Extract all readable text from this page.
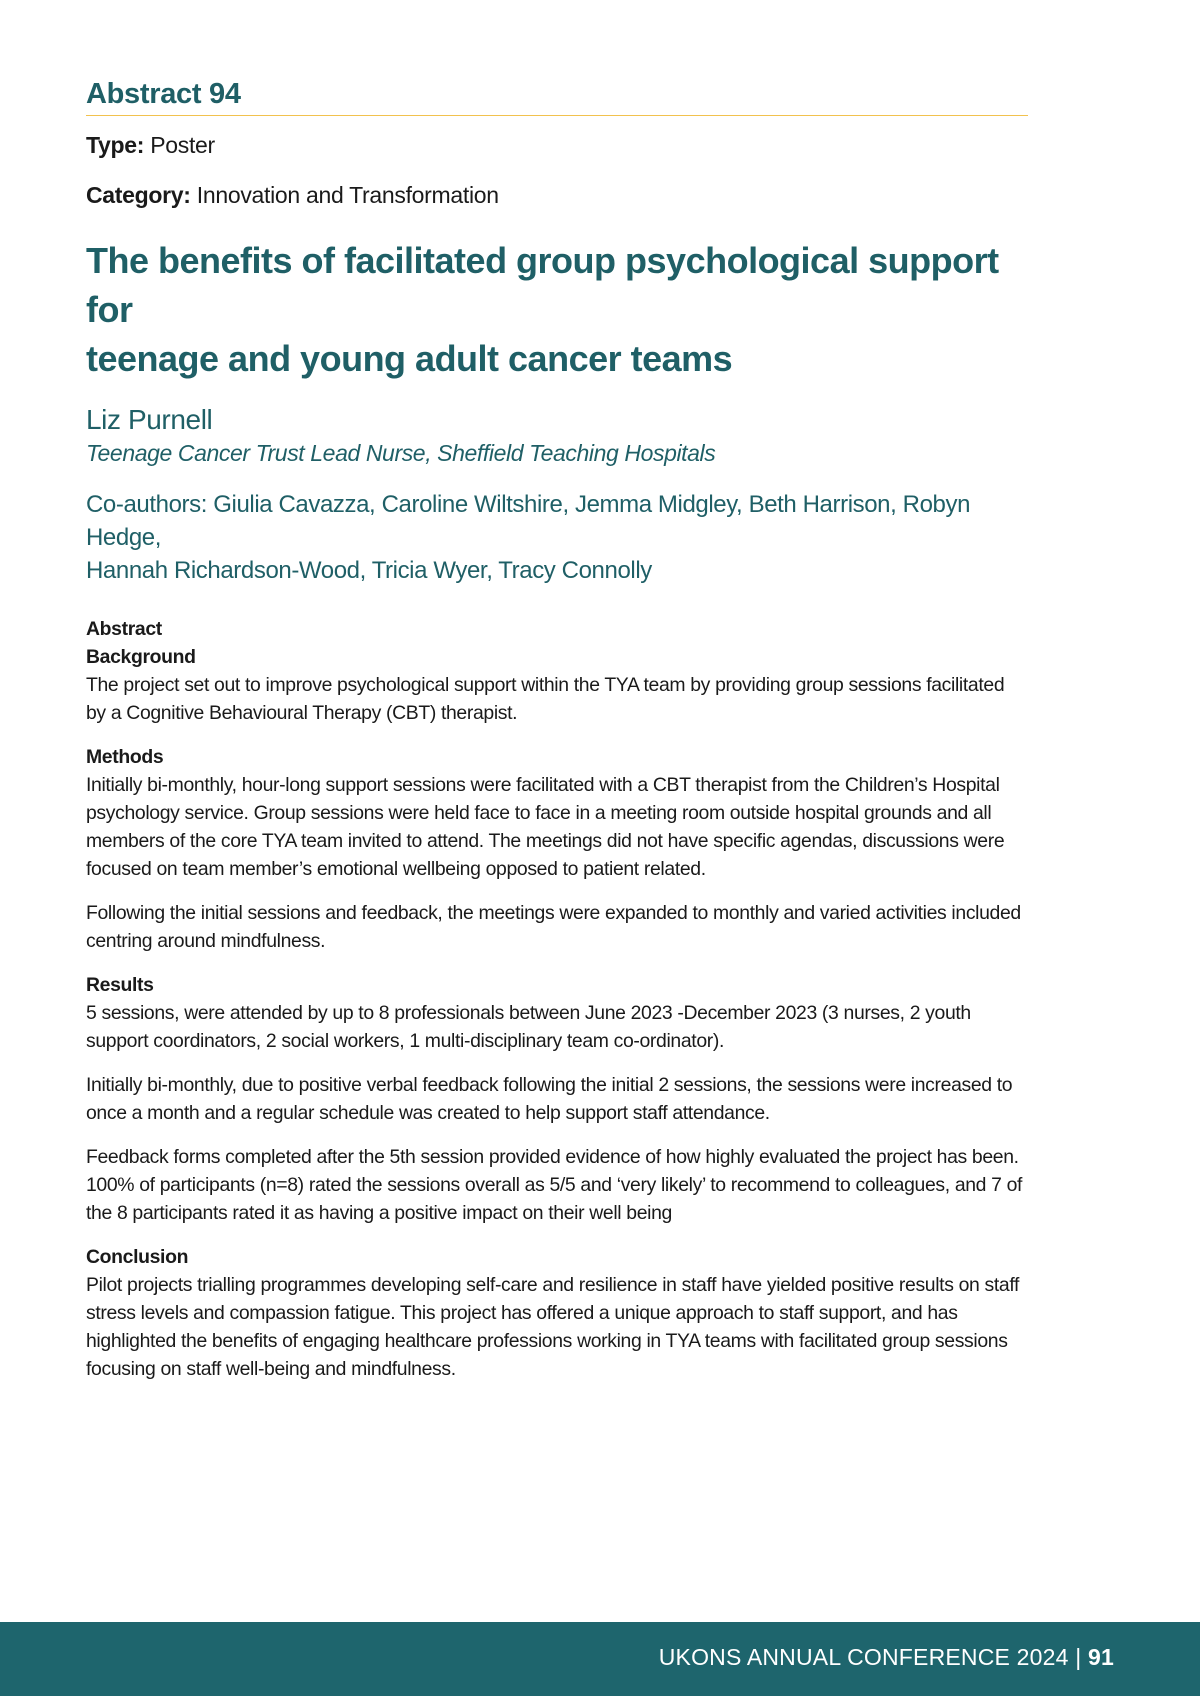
Abstract 94

Type: Poster

Category: Innovation and Transformation

The benefits of facilitated group psychological support for
teenage and young adult cancer teams

Liz Purnell

Teenage Cancer Trust Lead Nurse, Sheffield Teaching Hospitals

Co-authors: Giulia Cavazza, Caroline Wiltshire, Jemma Midgley, Beth Harrison, Robyn Hedge,
Hannah Richardson-Wood, Tricia Wyer, Tracy Connolly

Abstract

Background

The project set out to improve psychological support within the TYA team by providing group sessions facilitated by a Cognitive Behavioural Therapy (CBT) therapist.

Methods

Initially bi-monthly, hour-long support sessions were facilitated with a CBT therapist from the Children’s Hospital psychology service. Group sessions were held face to face in a meeting room outside hospital grounds and all members of the core TYA team invited to attend. The meetings did not have specific agendas, discussions were focused on team member’s emotional wellbeing opposed to patient related.

Following the initial sessions and feedback, the meetings were expanded to monthly and varied activities included centring around mindfulness.

Results

5 sessions, were attended by up to 8 professionals between June 2023 -December 2023 (3 nurses, 2 youth support coordinators, 2 social workers, 1 multi-disciplinary team co-ordinator).

Initially bi-monthly, due to positive verbal feedback following the initial 2 sessions, the sessions were increased to once a month and a regular schedule was created to help support staff attendance.

Feedback forms completed after the 5th session provided evidence of how highly evaluated the project has been. 100% of participants (n=8) rated the sessions overall as 5/5 and ‘very likely’ to recommend to colleagues, and 7 of the 8 participants rated it as having a positive impact on their well being

Conclusion

Pilot projects trialling programmes developing self-care and resilience in staff have yielded positive results on staff stress levels and compassion fatigue. This project has offered a unique approach to staff support, and has highlighted the benefits of engaging healthcare professions working in TYA teams with facilitated group sessions focusing on staff well-being and mindfulness.

UKONS ANNUAL CONFERENCE 2024 | 91
